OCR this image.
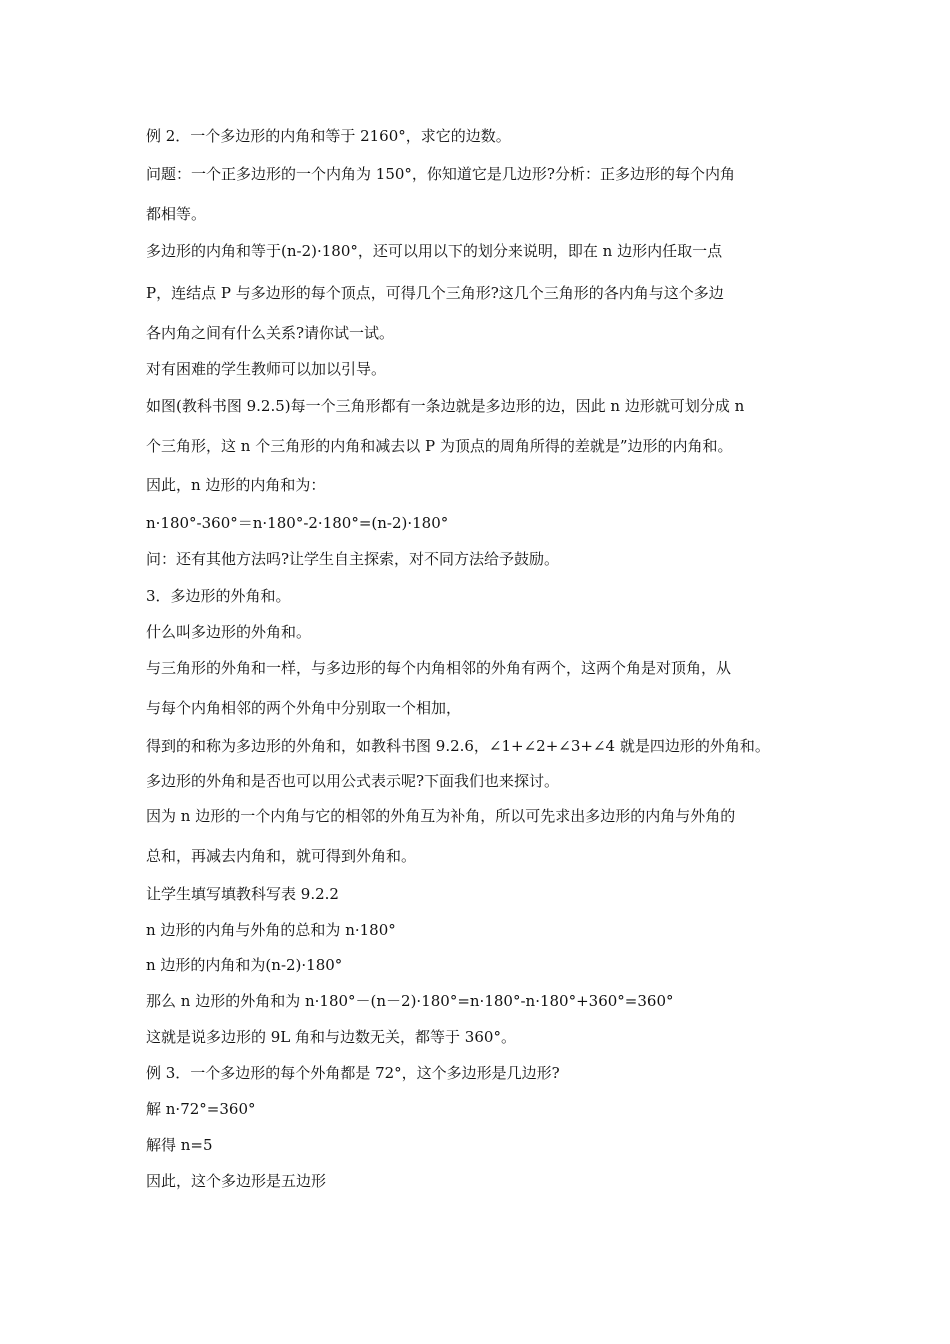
例 2．一个多边形的内角和等于 2160°，求它的边数。
问题：一个正多边形的一个内角为 150°，你知道它是几边形?分析：正多边形的每个内角
都相等。
多边形的内角和等于(n-2)·180°，还可以用以下的划分来说明，即在 n 边形内任取一点
P，连结点 P 与多边形的每个顶点，可得几个三角形?这几个三角形的各内角与这个多边
各内角之间有什么关系?请你试一试。
对有困难的学生教师可以加以引导。
如图(教科书图 9.2.5)每一个三角形都有一条边就是多边形的边，因此 n 边形就可划分成 n
个三角形，这 n 个三角形的内角和减去以 P 为顶点的周角所得的差就是”边形的内角和。
因此，n 边形的内角和为：
n·180°-360°＝n·180°-2·180°=(n-2)·180°
问：还有其他方法吗?让学生自主探索，对不同方法给予鼓励。
3．多边形的外角和。
什么叫多边形的外角和。
与三角形的外角和一样，与多边形的每个内角相邻的外角有两个，这两个角是对顶角，从
与每个内角相邻的两个外角中分别取一个相加，
得到的和称为多边形的外角和，如教科书图 9.2.6，∠1+∠2+∠3+∠4 就是四边形的外角和。
多边形的外角和是否也可以用公式表示呢?下面我们也来探讨。
因为 n 边形的一个内角与它的相邻的外角互为补角，所以可先求出多边形的内角与外角的
总和，再减去内角和，就可得到外角和。
让学生填写填教科写表 9.2.2
n 边形的内角与外角的总和为 n·180°
n 边形的内角和为(n-2)·180°
那么 n 边形的外角和为 n·180°－(n－2)·180°=n·180°-n·180°+360°=360°
这就是说多边形的 9L 角和与边数无关，都等于 360°。
例 3．一个多边形的每个外角都是 72°，这个多边形是几边形?
解 n·72°=360°
解得 n=5
因此，这个多边形是五边形
